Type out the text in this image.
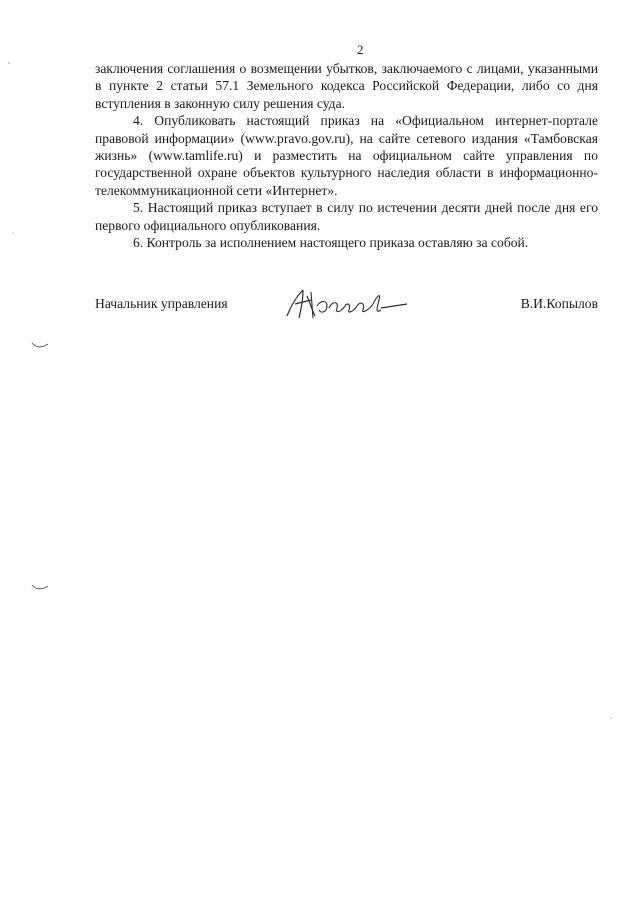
2

заключения соглашения о возмещении убытков, заключаемого с лицами, указанными в пункте 2 статьи 57.1 Земельного кодекса Российской Федерации, либо со дня вступления в законную силу решения суда.

4. Опубликовать настоящий приказ на «Официальном интернет-портале правовой информации» (www.pravo.gov.ru), на сайте сетевого издания «Тамбовская жизнь» (www.tamlife.ru) и разместить на официальном сайте управления по государственной охране объектов культурного наследия области в информационно-телекоммуникационной сети «Интернет».

5. Настоящий приказ вступает в силу по истечении десяти дней после дня его первого официального опубликования.

6. Контроль за исполнением настоящего приказа оставляю за собой.

Начальник управления	В.И.Копылов
